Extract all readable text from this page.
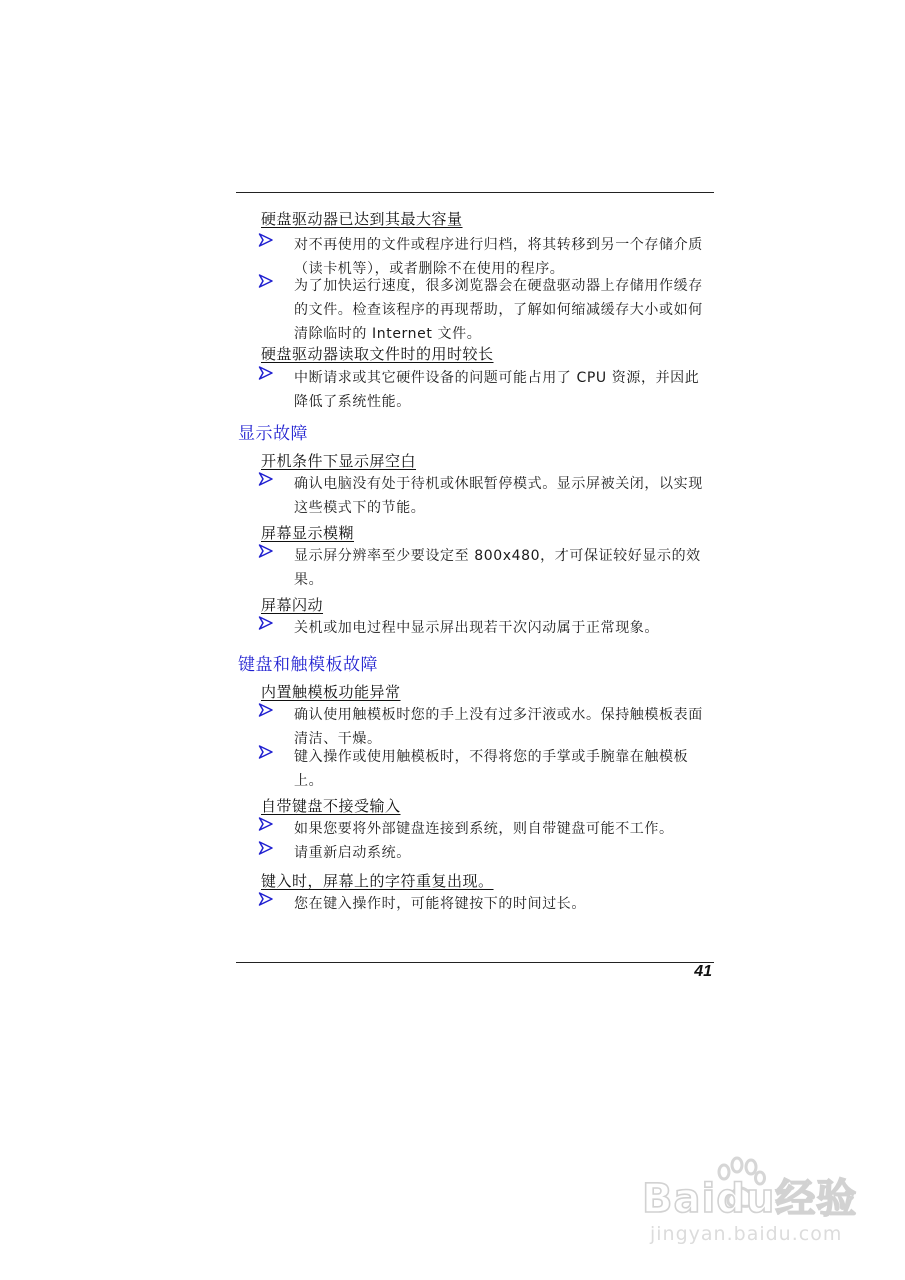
硬盘驱动器已达到其最大容量
对不再使用的文件或程序进行归档，将其转移到另一个存储介质（读卡机等），或者删除不在使用的程序。
为了加快运行速度，很多浏览器会在硬盘驱动器上存储用作缓存的文件。检查该程序的再现帮助，了解如何缩减缓存大小或如何清除临时的 Internet 文件。
硬盘驱动器读取文件时的用时较长
中断请求或其它硬件设备的问题可能占用了 CPU 资源，并因此降低了系统性能。
显示故障
开机条件下显示屏空白
确认电脑没有处于待机或休眠暂停模式。显示屏被关闭，以实现这些模式下的节能。
屏幕显示模糊
显示屏分辨率至少要设定至 800x480，才可保证较好显示的效果。
屏幕闪动
关机或加电过程中显示屏出现若干次闪动属于正常现象。
键盘和触模板故障
内置触模板功能异常
确认使用触模板时您的手上没有过多汗液或水。保持触模板表面清洁、干燥。
键入操作或使用触模板时，不得将您的手掌或手腕靠在触模板上。
自带键盘不接受输入
如果您要将外部键盘连接到系统，则自带键盘可能不工作。
请重新启动系统。
键入时，屏幕上的字符重复出现。
您在键入操作时，可能将键按下的时间过长。
41
Baidu经验
jingyan.baidu.com
